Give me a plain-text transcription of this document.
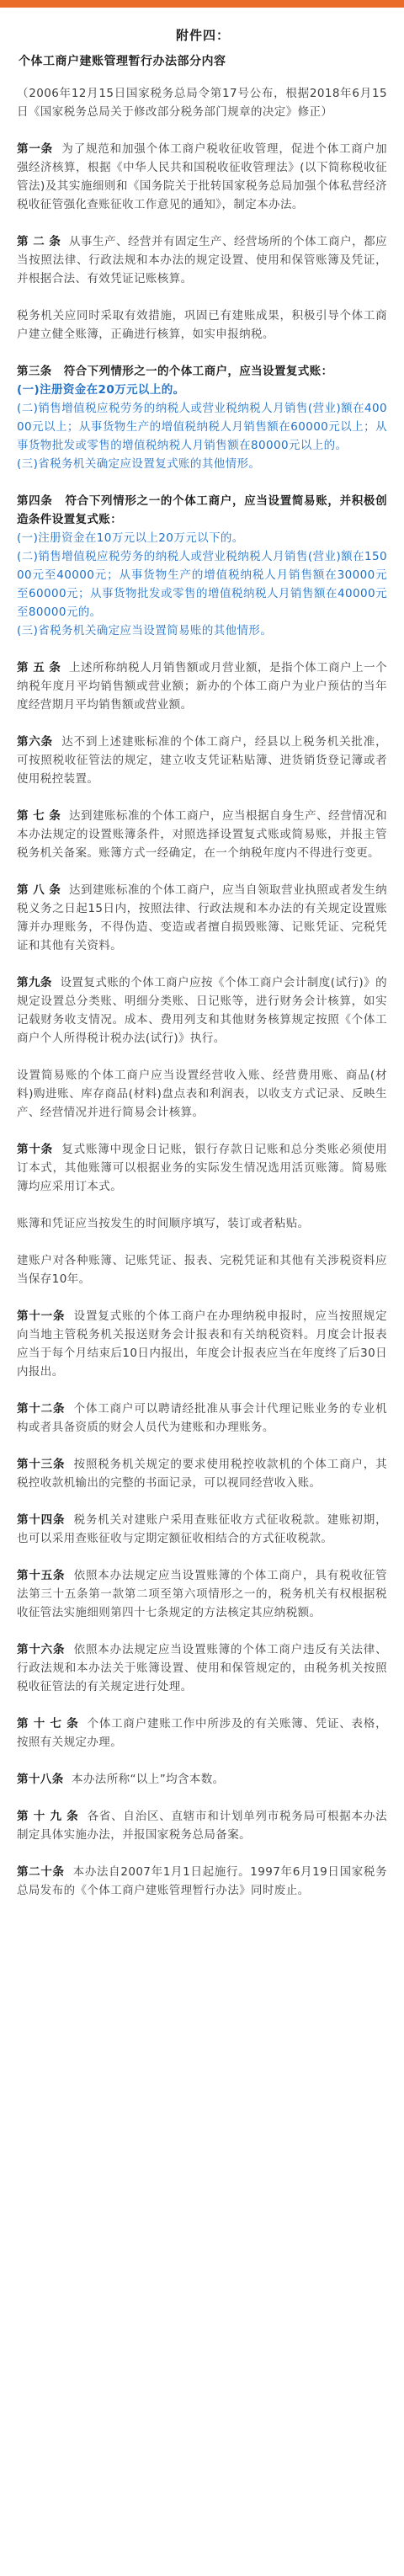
附件四：
个体工商户建账管理暂行办法部分内容

（2006年12月15日国家税务总局令第17号公布，根据2018年6月15日《国家税务总局关于修改部分税务部门规章的决定》修正）

第一条 为了规范和加强个体工商户税收征收管理，促进个体工商户加强经济核算，根据《中华人民共和国税收征收管理法》(以下简称税收征管法)及其实施细则和《国务院关于批转国家税务总局加强个体私营经济税收征管强化查账征收工作意见的通知》，制定本办法。

第 二 条 从事生产、经营并有固定生产、经营场所的个体工商户，都应当按照法律、行政法规和本办法的规定设置、使用和保管账簿及凭证，并根据合法、有效凭证记账核算。

税务机关应同时采取有效措施，巩固已有建账成果，积极引导个体工商户建立健全账簿，正确进行核算，如实申报纳税。

第三条 符合下列情形之一的个体工商户，应当设置复式账：

(一)注册资金在20万元以上的。

(二)销售增值税应税劳务的纳税人或营业税纳税人月销售(营业)额在40000元以上；从事货物生产的增值税纳税人月销售额在60000元以上；从事货物批发或零售的增值税纳税人月销售额在80000元以上的。

(三)省税务机关确定应设置复式账的其他情形。

第四条 符合下列情形之一的个体工商户，应当设置简易账，并积极创造条件设置复式账：

(一)注册资金在10万元以上20万元以下的。

(二)销售增值税应税劳务的纳税人或营业税纳税人月销售(营业)额在15000元至40000元；从事货物生产的增值税纳税人月销售额在30000元至60000元；从事货物批发或零售的增值税纳税人月销售额在40000元至80000元的。

(三)省税务机关确定应当设置简易账的其他情形。

第 五 条 上述所称纳税人月销售额或月营业额，是指个体工商户上一个纳税年度月平均销售额或营业额；新办的个体工商户为业户预估的当年度经营期月平均销售额或营业额。

第六条 达不到上述建账标准的个体工商户，经县以上税务机关批准，可按照税收征管法的规定，建立收支凭证粘贴簿、进货销货登记簿或者使用税控装置。

第 七 条 达到建账标准的个体工商户，应当根据自身生产、经营情况和本办法规定的设置账簿条件，对照选择设置复式账或简易账，并报主管税务机关备案。账簿方式一经确定，在一个纳税年度内不得进行变更。

第 八 条 达到建账标准的个体工商户，应当自领取营业执照或者发生纳税义务之日起15日内，按照法律、行政法规和本办法的有关规定设置账簿并办理账务，不得伪造、变造或者擅自损毁账簿、记账凭证、完税凭证和其他有关资料。

第九条 设置复式账的个体工商户应按《个体工商户会计制度(试行)》的规定设置总分类账、明细分类账、日记账等，进行财务会计核算，如实记载财务收支情况。成本、费用列支和其他财务核算规定按照《个体工商户个人所得税计税办法(试行)》执行。

设置简易账的个体工商户应当设置经营收入账、经营费用账、商品(材料)购进账、库存商品(材料)盘点表和利润表，以收支方式记录、反映生产、经营情况并进行简易会计核算。

第十条 复式账簿中现金日记账，银行存款日记账和总分类账必须使用订本式，其他账簿可以根据业务的实际发生情况选用活页账簿。简易账簿均应采用订本式。

账簿和凭证应当按发生的时间顺序填写，装订或者粘贴。

建账户对各种账簿、记账凭证、报表、完税凭证和其他有关涉税资料应当保存10年。

第十一条 设置复式账的个体工商户在办理纳税申报时，应当按照规定向当地主管税务机关报送财务会计报表和有关纳税资料。月度会计报表应当于每个月结束后10日内报出，年度会计报表应当在年度终了后30日内报出。

第十二条 个体工商户可以聘请经批准从事会计代理记账业务的专业机构或者具备资质的财会人员代为建账和办理账务。

第十三条 按照税务机关规定的要求使用税控收款机的个体工商户，其税控收款机输出的完整的书面记录，可以视同经营收入账。

第十四条 税务机关对建账户采用查账征收方式征收税款。建账初期，也可以采用查账征收与定期定额征收相结合的方式征收税款。

第十五条 依照本办法规定应当设置账簿的个体工商户，具有税收征管法第三十五条第一款第二项至第六项情形之一的，税务机关有权根据税收征管法实施细则第四十七条规定的方法核定其应纳税额。

第十六条 依照本办法规定应当设置账簿的个体工商户违反有关法律、行政法规和本办法关于账簿设置、使用和保管规定的，由税务机关按照税收征管法的有关规定进行处理。

第 十 七 条 个体工商户建账工作中所涉及的有关账簿、凭证、表格，按照有关规定办理。

第十八条 本办法所称“以上”均含本数。

第 十 九 条 各省、自治区、直辖市和计划单列市税务局可根据本办法制定具体实施办法，并报国家税务总局备案。

第二十条 本办法自2007年1月1日起施行。1997年6月19日国家税务总局发布的《个体工商户建账管理暂行办法》同时废止。
